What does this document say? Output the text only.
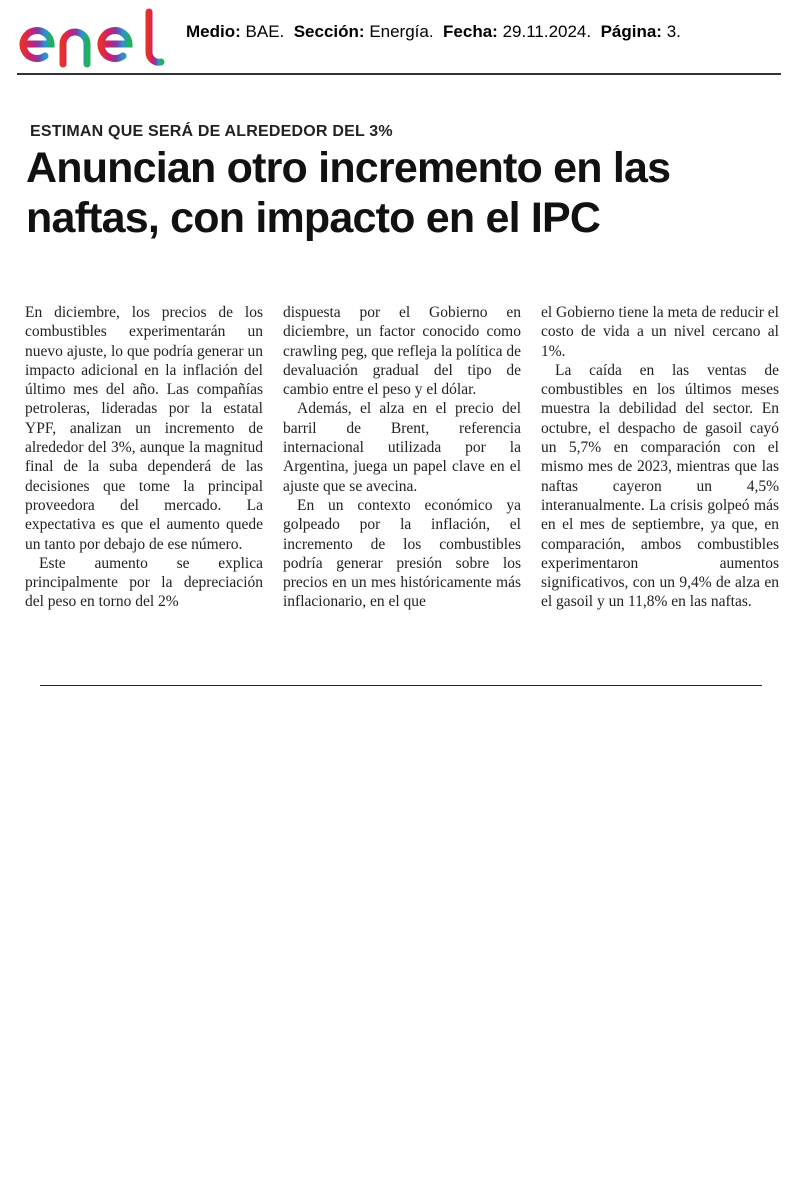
Medio: BAE. Sección: Energía. Fecha: 29.11.2024. Página: 3.
ESTIMAN QUE SERÁ DE ALREDEDOR DEL 3%
Anuncian otro incremento en las
naftas, con impacto en el IPC

En diciembre, los precios de los combustibles experimentarán un nuevo ajuste, lo que podría generar un impacto adicional en la inflación del último mes del año. Las compañías petroleras, lideradas por la estatal YPF, analizan un incremento de alrededor del 3%, aunque la magnitud final de la suba dependerá de las decisiones que tome la principal proveedora del mercado. La expectativa es que el aumento quede un tanto por debajo de ese número.

Este aumento se explica principalmente por la depreciación del peso en torno del 2%

dispuesta por el Gobierno en diciembre, un factor conocido como crawling peg, que refleja la política de devaluación gradual del tipo de cambio entre el peso y el dólar.

Además, el alza en el precio del barril de Brent, referencia internacional utilizada por la Argentina, juega un papel clave en el ajuste que se avecina.

En un contexto económico ya golpeado por la inflación, el incremento de los combustibles podría generar presión sobre los precios en un mes históricamente más inflacionario, en el que

el Gobierno tiene la meta de reducir el costo de vida a un nivel cercano al 1%.

La caída en las ventas de combustibles en los últimos meses muestra la debilidad del sector. En octubre, el despacho de gasoil cayó un 5,7% en comparación con el mismo mes de 2023, mientras que las naftas cayeron un 4,5% interanualmente. La crisis golpeó más en el mes de septiembre, ya que, en comparación, ambos combustibles experimentaron aumentos significativos, con un 9,4% de alza en el gasoil y un 11,8% en las naftas.
